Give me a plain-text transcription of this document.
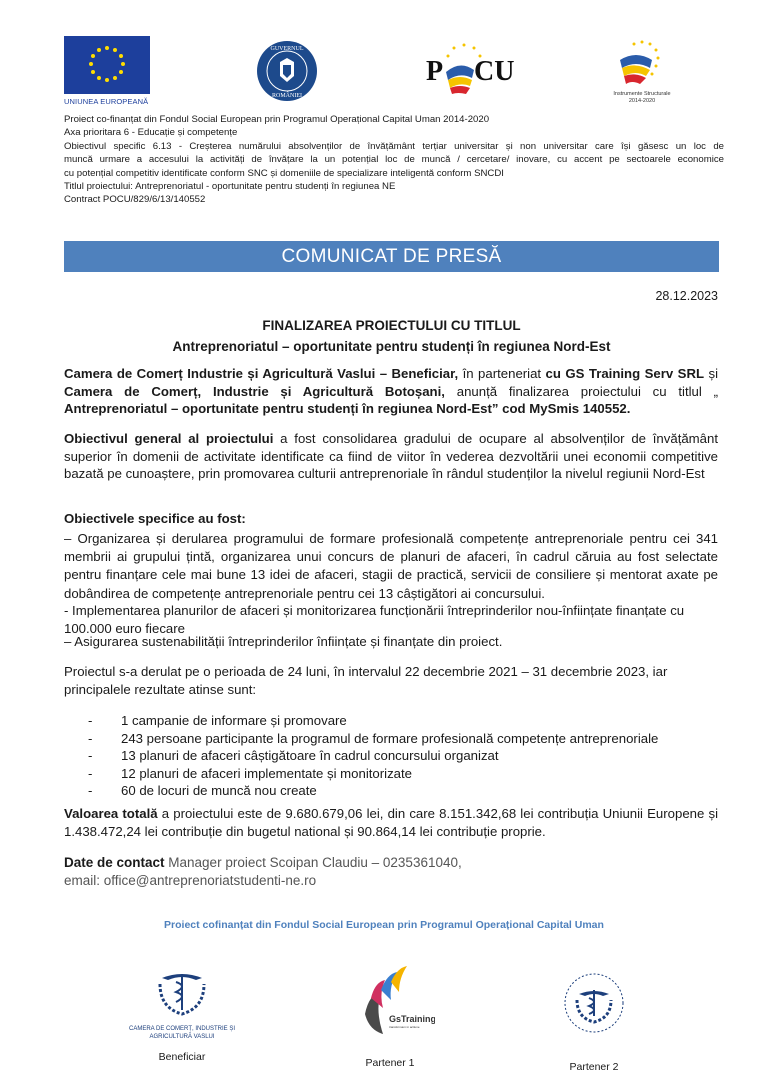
UNIUNEA EUROPEANĂ
GUVERNUL
ROMÂNIEI
P CU
Instrumente Structurale
2014-2020

Proiect co-finanțat din Fondul Social European prin Programul Operațional Capital Uman 2014-2020

Axa prioritara 6 - Educație și competențe

Obiectivul specific 6.13 - Creșterea numărului absolvenților de învățământ terțiar universitar și non universitar care își găsesc un loc de

muncă urmare a accesului la activități de învățare la un potențial loc de muncă / cercetare/ inovare, cu accent pe sectoarele economice

cu potențial competitiv identificate conform SNC și domeniile de specializare inteligentă conform SNCDI

Titlul proiectului: Antreprenoriatul - oportunitate pentru studenți în regiunea NE

Contract POCU/829/6/13/140552

COMUNICAT DE PRESĂ
28.12.2023
FINALIZAREA PROIECTULUI CU TITLUL
Antreprenoriatul – oportunitate pentru studenți în regiunea Nord-Est

Camera de Comerț Industrie și Agricultură Vaslui – Beneficiar, în parteneriat cu GS Training Serv SRL și Camera de Comerț, Industrie și Agricultură Botoșani, anunță finalizarea proiectului cu titlul „ Antreprenoriatul – oportunitate pentru studenți în regiunea Nord-Est” cod MySmis 140552.

Obiectivul general al proiectului a fost consolidarea gradului de ocupare al absolvenților de învățământ superior în domenii de activitate identificate ca fiind de viitor în vederea dezvoltării unei economii competitive bazată pe cunoaștere, prin promovarea culturii antreprenoriale în rândul studenților la nivelul regiunii Nord-Est

Obiectivele specifice au fost:

– Organizarea și derularea programului de formare profesională competențe antreprenoriale pentru cei 341 membrii ai grupului țintă, organizarea unui concurs de planuri de afaceri, în cadrul căruia au fost selectate pentru finanțare cele mai bune 13 idei de afaceri, stagii de practică, servicii de consiliere și mentorat axate pe dobândirea de competențe antreprenoriale pentru cei 13 câștigători ai concursului.

- Implementarea planurilor de afaceri și monitorizarea funcționării întreprinderilor nou-înființate finanțate cu 100.000 euro fiecare

– Asigurarea sustenabilității întreprinderilor înființate și finanțate din proiect.

Proiectul s-a derulat pe o perioada de 24 luni, în intervalul 22 decembrie 2021 – 31 decembrie 2023, iar principalele rezultate atinse sunt:

-	1 campanie de informare și promovare
-	243 persoane participante la programul de formare profesională competențe antreprenoriale
-	13 planuri de afaceri câștigătoare în cadrul concursului organizat
-	12 planuri de afaceri implementate și monitorizate
-	60 de locuri de muncă nou create

Valoarea totală a proiectului este de 9.680.679,06 lei, din care 8.151.342,68 lei contribuția Uniunii Europene și 1.438.472,24 lei contribuție din bugetul national și 90.864,14 lei contribuție proprie.

Date de contact Manager proiect Scoipan Claudiu – 0235361040,
email: office@antreprenoriatstudenti-ne.ro
Proiect cofinanțat din Fondul Social European prin Programul Operațional Capital Uman
CAMERA DE COMERȚ, INDUSTRIE ȘI AGRICULTURĂ VASLUI
Beneficiar
GsTraining
transformam in actiune
Partener 1	Partener 2
